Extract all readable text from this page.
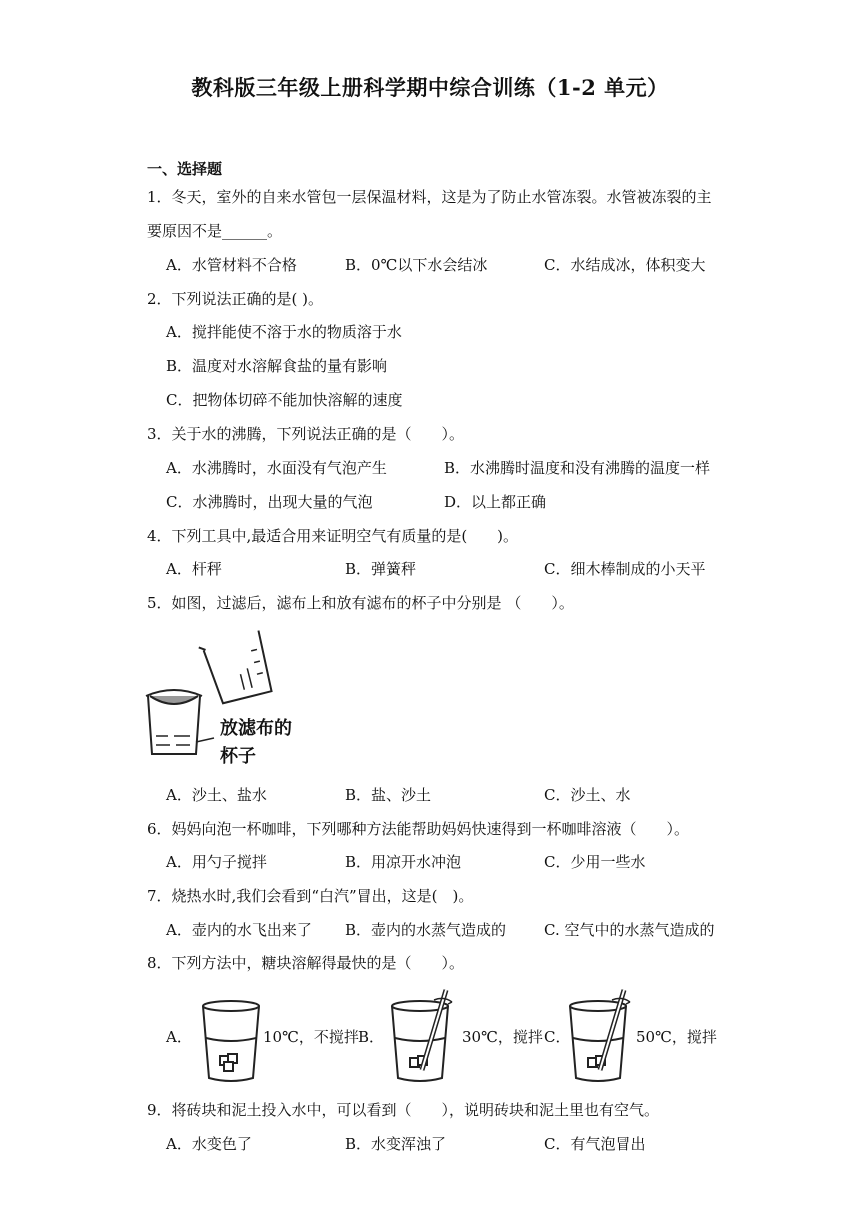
教科版三年级上册科学期中综合训练（1-2 单元）
一、选择题
1．冬天，室外的自来水管包一层保温材料，这是为了防止水管冻裂。水管被冻裂的主
要原因不是______。
A．水管材料不合格	B．0℃以下水会结冰	C．水结成冰，体积变大
2．下列说法正确的是( )。
A．搅拌能使不溶于水的物质溶于水
B．温度对水溶解食盐的量有影响
C．把物体切碎不能加快溶解的速度
3．关于水的沸腾，下列说法正确的是（　　）。
A．水沸腾时，水面没有气泡产生	B．水沸腾时温度和没有沸腾的温度一样
C．水沸腾时，出现大量的气泡	D．以上都正确
4．下列工具中,最适合用来证明空气有质量的是(　　)。
A．杆秤	B．弹簧秤	C．细木棒制成的小天平
5．如图，过滤后，滤布上和放有滤布的杯子中分别是 （　　）。
放滤布的
杯子
A．沙土、盐水	B．盐、沙土	C．沙土、水
6．妈妈向泡一杯咖啡，下列哪种方法能帮助妈妈快速得到一杯咖啡溶液（　　）。
A．用勺子搅拌	B．用凉开水冲泡	C．少用一些水
7．烧热水时,我们会看到“白汽”冒出，这是(　)。
A．壶内的水飞出来了 B．壶内的水蒸气造成的	C. 空气中的水蒸气造成的
8．下列方法中，糖块溶解得最快的是（　　）。
A．	10℃，不搅拌 B．	30℃，搅拌 C．	50℃，搅拌
9．将砖块和泥土投入水中，可以看到（　　），说明砖块和泥土里也有空气。
A．水变色了	B．水变浑浊了	C．有气泡冒出
